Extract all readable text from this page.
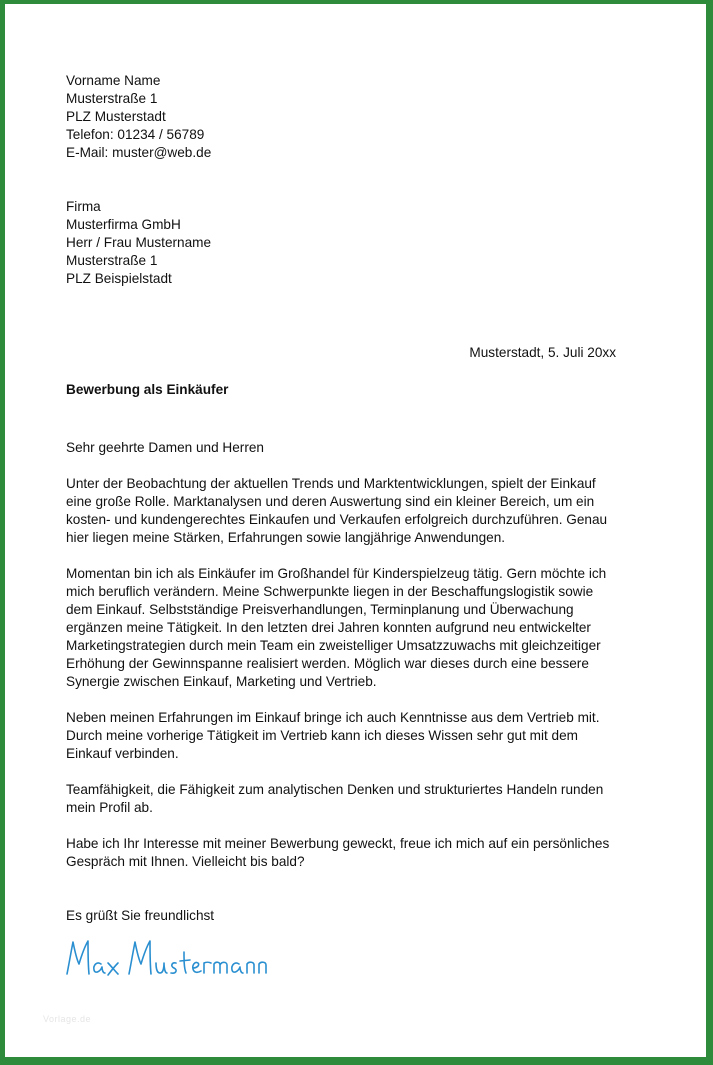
Vorname Name
Musterstraße 1
PLZ Musterstadt
Telefon: 01234 / 56789
E-Mail: muster@web.de
Firma
Musterfirma GmbH
Herr / Frau Mustername
Musterstraße 1
PLZ Beispielstadt
Musterstadt, 5. Juli 20xx
Bewerbung als Einkäufer
Sehr geehrte Damen und Herren
Unter der Beobachtung der aktuellen Trends und Marktentwicklungen, spielt der Einkauf
eine große Rolle. Marktanalysen und deren Auswertung sind ein kleiner Bereich, um ein
kosten- und kundengerechtes Einkaufen und Verkaufen erfolgreich durchzuführen. Genau
hier liegen meine Stärken, Erfahrungen sowie langjährige Anwendungen.
Momentan bin ich als Einkäufer im Großhandel für Kinderspielzeug tätig. Gern möchte ich
mich beruflich verändern. Meine Schwerpunkte liegen in der Beschaffungslogistik sowie
dem Einkauf. Selbstständige Preisverhandlungen, Terminplanung und Überwachung
ergänzen meine Tätigkeit. In den letzten drei Jahren konnten aufgrund neu entwickelter
Marketingstrategien durch mein Team ein zweistelliger Umsatzzuwachs mit gleichzeitiger
Erhöhung der Gewinnspanne realisiert werden. Möglich war dieses durch eine bessere
Synergie zwischen Einkauf, Marketing und Vertrieb.
Neben meinen Erfahrungen im Einkauf bringe ich auch Kenntnisse aus dem Vertrieb mit.
Durch meine vorherige Tätigkeit im Vertrieb kann ich dieses Wissen sehr gut mit dem
Einkauf verbinden.
Teamfähigkeit, die Fähigkeit zum analytischen Denken und strukturiertes Handeln runden
mein Profil ab.
Habe ich Ihr Interesse mit meiner Bewerbung geweckt, freue ich mich auf ein persönliches
Gespräch mit Ihnen. Vielleicht bis bald?
Es grüßt Sie freundlichst
Vorlage.de
